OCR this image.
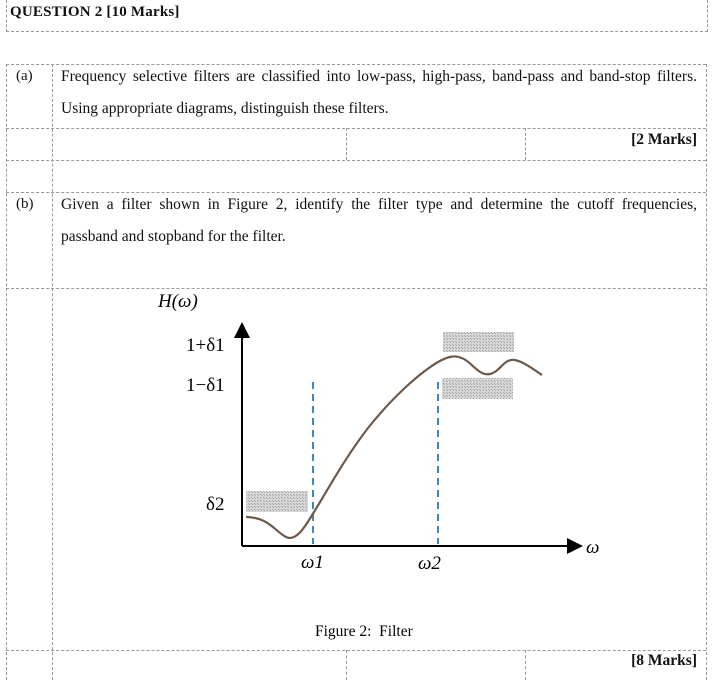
QUESTION 2 [10 Marks]
(a) Frequency selective filters are classified into low-pass, high-pass, band-pass and band-stop filters. Using appropriate diagrams, distinguish these filters.
[2 Marks]
(b) Given a filter shown in Figure 2, identify the filter type and determine the cutoff frequencies, passband and stopband for the filter.
H(ω)
ω
1+δ1
1−δ1
δ2
ω1	ω2
Figure 2:  Filter
[8 Marks]
